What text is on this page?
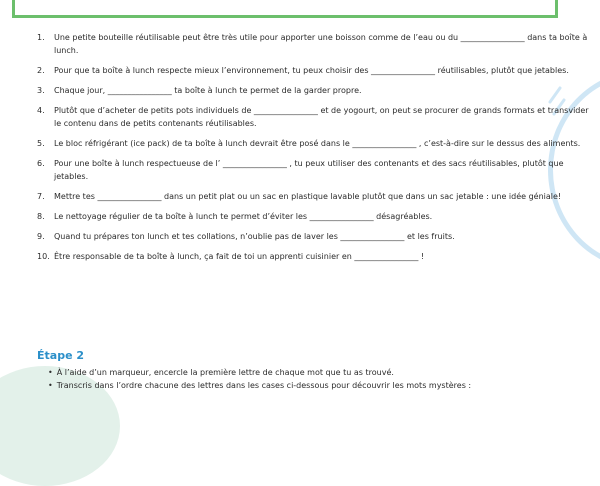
1. Une petite bouteille réutilisable peut être très utile pour apporter une boisson comme de l’eau ou du ________________ dans ta boîte à lunch.
2. Pour que ta boîte à lunch respecte mieux l’environnement, tu peux choisir des ________________ réutilisables, plutôt que jetables.
3. Chaque jour, ________________ ta boîte à lunch te permet de la garder propre.
4. Plutôt que d’acheter de petits pots individuels de ________________ et de yogourt, on peut se procurer de grands formats et transvider le contenu dans de petits contenants réutilisables.
5. Le bloc réfrigérant (ice pack) de ta boîte à lunch devrait être posé dans le ________________ , c’est-à-dire sur le dessus des aliments.
6. Pour une boîte à lunch respectueuse de l’ ________________ , tu peux utiliser des contenants et des sacs réutilisables, plutôt que jetables.
7. Mettre tes ________________ dans un petit plat ou un sac en plastique lavable plutôt que dans un sac jetable : une idée géniale!
8. Le nettoyage régulier de ta boîte à lunch te permet d’éviter les ________________ désagréables.
9. Quand tu prépares ton lunch et tes collations, n’oublie pas de laver les ________________ et les fruits.
10. Être responsable de ta boîte à lunch, ça fait de toi un apprenti cuisinier en ________________ !
Étape 2
• À l’aide d’un marqueur, encercle la première lettre de chaque mot que tu as trouvé.
• Transcris dans l’ordre chacune des lettres dans les cases ci-dessous pour découvrir les mots mystères :
